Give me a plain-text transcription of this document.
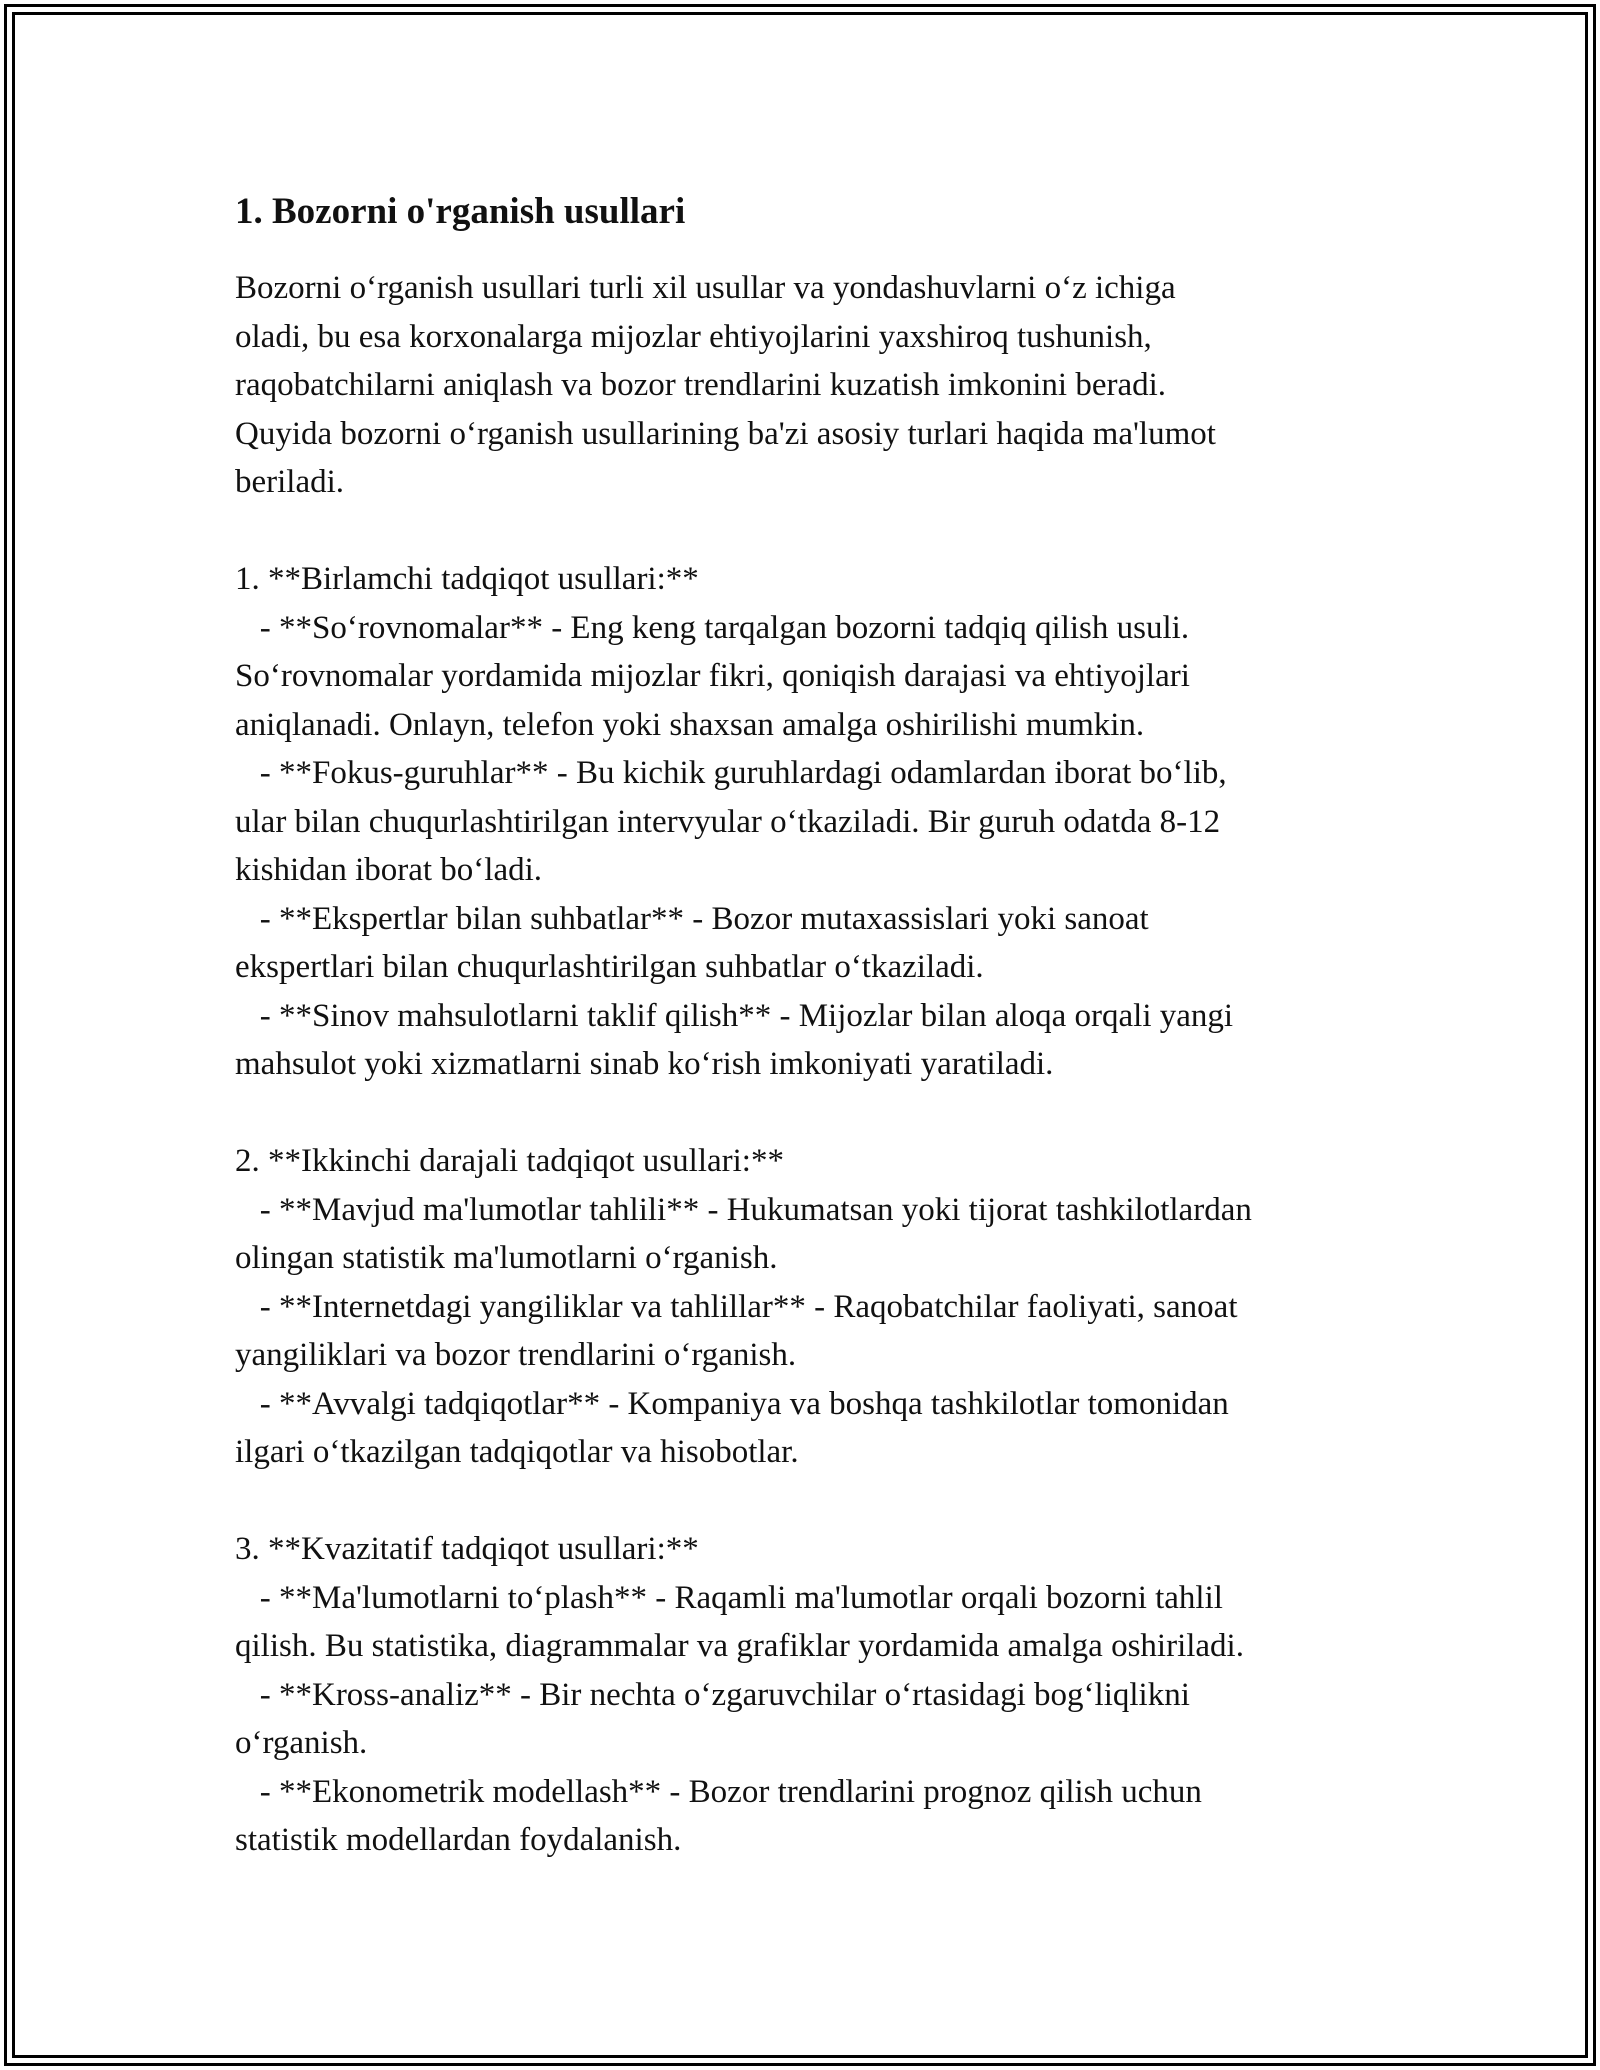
1. Bozorni o'rganish usullari

Bozorni o‘rganish usullari turli xil usullar va yondashuvlarni o‘z ichiga
oladi, bu esa korxonalarga mijozlar ehtiyojlarini yaxshiroq tushunish,
raqobatchilarni aniqlash va bozor trendlarini kuzatish imkonini beradi.
Quyida bozorni o‘rganish usullarining ba'zi asosiy turlari haqida ma'lumot
beriladi.

1. **Birlamchi tadqiqot usullari:**

- **So‘rovnomalar** - Eng keng tarqalgan bozorni tadqiq qilish usuli.
So‘rovnomalar yordamida mijozlar fikri, qoniqish darajasi va ehtiyojlari
aniqlanadi. Onlayn, telefon yoki shaxsan amalga oshirilishi mumkin.

- **Fokus-guruhlar** - Bu kichik guruhlardagi odamlardan iborat bo‘lib,
ular bilan chuqurlashtirilgan intervyular o‘tkaziladi. Bir guruh odatda 8-12
kishidan iborat bo‘ladi.

- **Ekspertlar bilan suhbatlar** - Bozor mutaxassislari yoki sanoat
ekspertlari bilan chuqurlashtirilgan suhbatlar o‘tkaziladi.

- **Sinov mahsulotlarni taklif qilish** - Mijozlar bilan aloqa orqali yangi
mahsulot yoki xizmatlarni sinab ko‘rish imkoniyati yaratiladi.

2. **Ikkinchi darajali tadqiqot usullari:**

- **Mavjud ma'lumotlar tahlili** - Hukumatsan yoki tijorat tashkilotlardan
olingan statistik ma'lumotlarni o‘rganish.

- **Internetdagi yangiliklar va tahlillar** - Raqobatchilar faoliyati, sanoat
yangiliklari va bozor trendlarini o‘rganish.

- **Avvalgi tadqiqotlar** - Kompaniya va boshqa tashkilotlar tomonidan
ilgari o‘tkazilgan tadqiqotlar va hisobotlar.

3. **Kvazitatif tadqiqot usullari:**

- **Ma'lumotlarni to‘plash** - Raqamli ma'lumotlar orqali bozorni tahlil
qilish. Bu statistika, diagrammalar va grafiklar yordamida amalga oshiriladi.

- **Kross-analiz** - Bir nechta o‘zgaruvchilar o‘rtasidagi bog‘liqlikni
o‘rganish.

- **Ekonometrik modellash** - Bozor trendlarini prognoz qilish uchun
statistik modellardan foydalanish.
